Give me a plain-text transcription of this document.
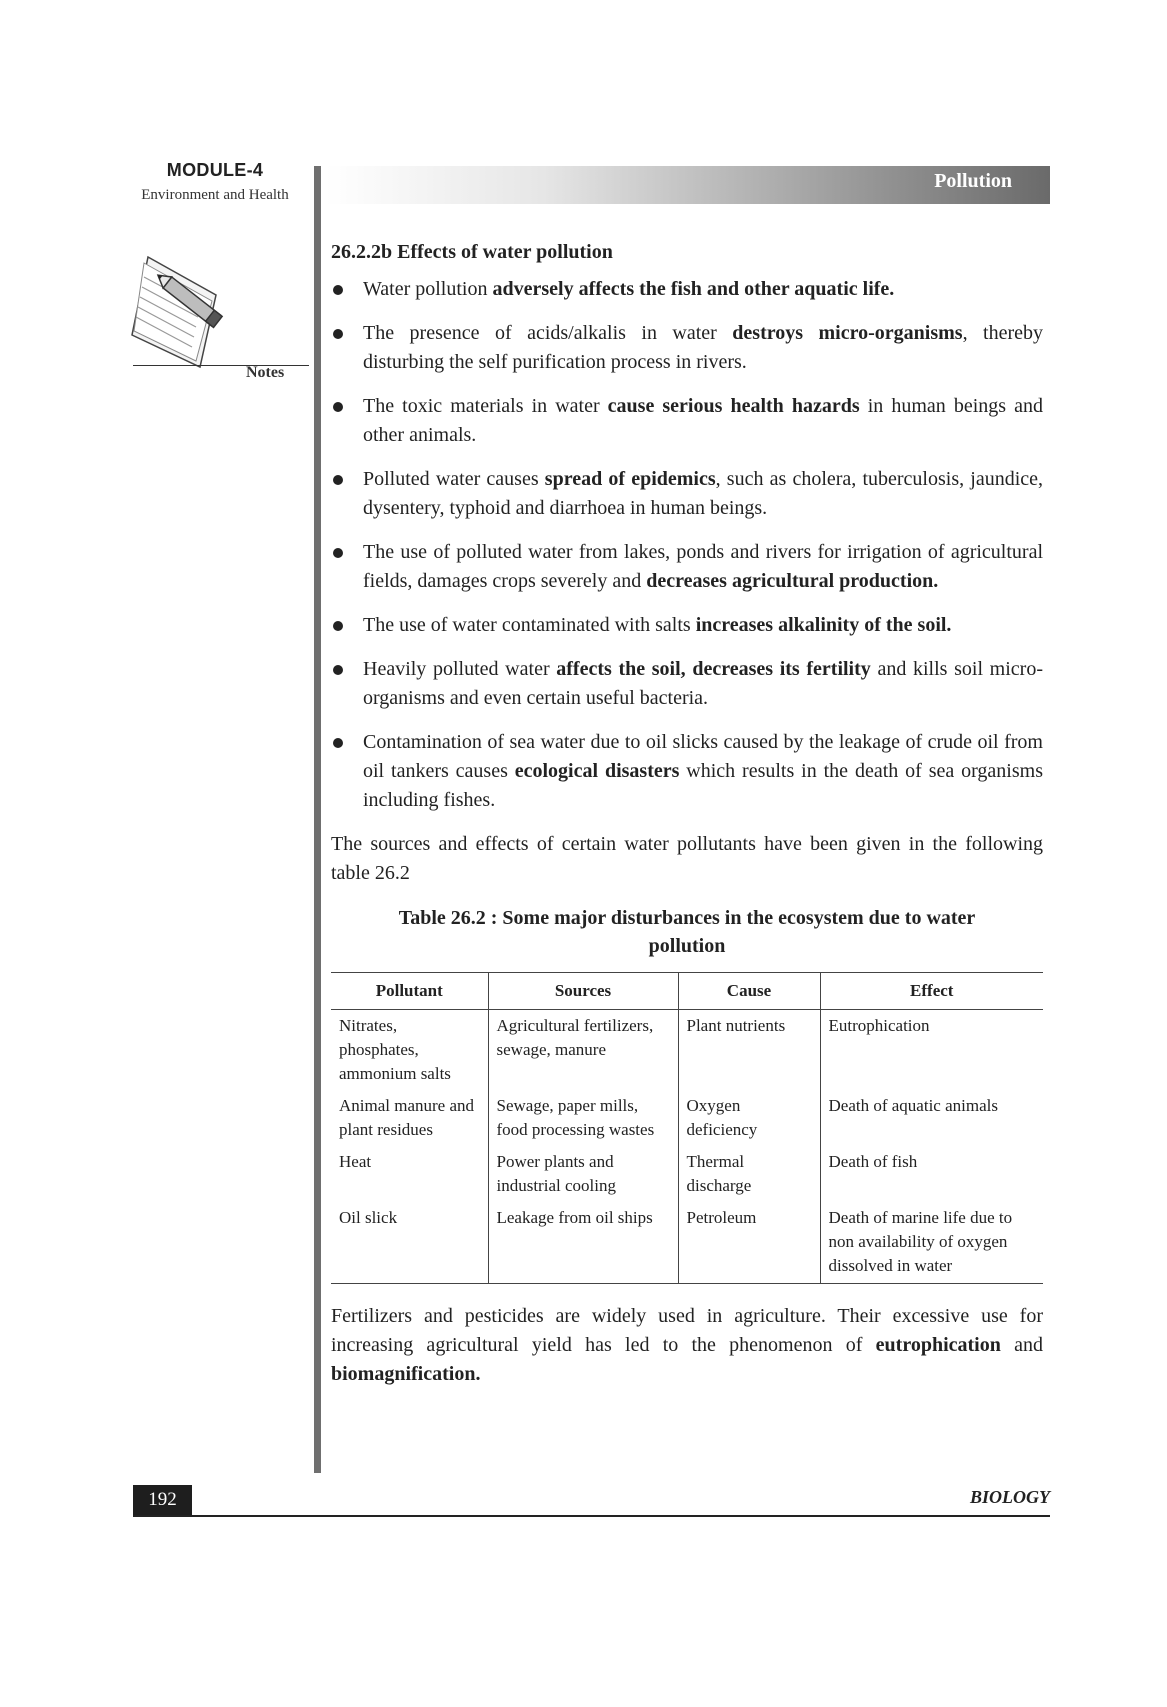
MODULE-4
Environment and Health
Notes
Pollution
26.2.2b Effects of water pollution
Water pollution adversely affects the fish and other aquatic life.
The presence of acids/alkalis in water destroys micro-organisms, thereby disturbing the self purification process in rivers.
The toxic materials in water cause serious health hazards in human beings and other animals.
Polluted water causes spread of epidemics, such as cholera, tuberculosis, jaundice, dysentery, typhoid and diarrhoea in human beings.
The use of polluted water from lakes, ponds and rivers for irrigation of agricultural fields, damages crops severely and decreases agricultural production.
The use of water contaminated with salts increases alkalinity of the soil.
Heavily polluted water affects the soil, decreases its fertility and kills soil micro-organisms and even certain useful bacteria.
Contamination of sea water due to oil slicks caused by the leakage of crude oil from oil tankers causes ecological disasters which results in the death of sea organisms including fishes.

The sources and effects of certain water pollutants have been given in the following table 26.2

Table 26.2 : Some major disturbances in the ecosystem due to water pollution
Pollutant	Sources	Cause	Effect
Nitrates, phosphates, ammonium salts	Agricultural fertilizers, sewage, manure	Plant nutrients	Eutrophication
Animal manure and plant residues	Sewage, paper mills, food processing wastes	Oxygen deficiency	Death of aquatic animals
Heat	Power plants and industrial cooling	Thermal discharge	Death of fish
Oil slick	Leakage from oil ships	Petroleum	Death of marine life due to non availability of oxygen dissolved in water

Fertilizers and pesticides are widely used in agriculture. Their excessive use for increasing agricultural yield has led to the phenomenon of eutrophication and biomagnification.

192	BIOLOGY
